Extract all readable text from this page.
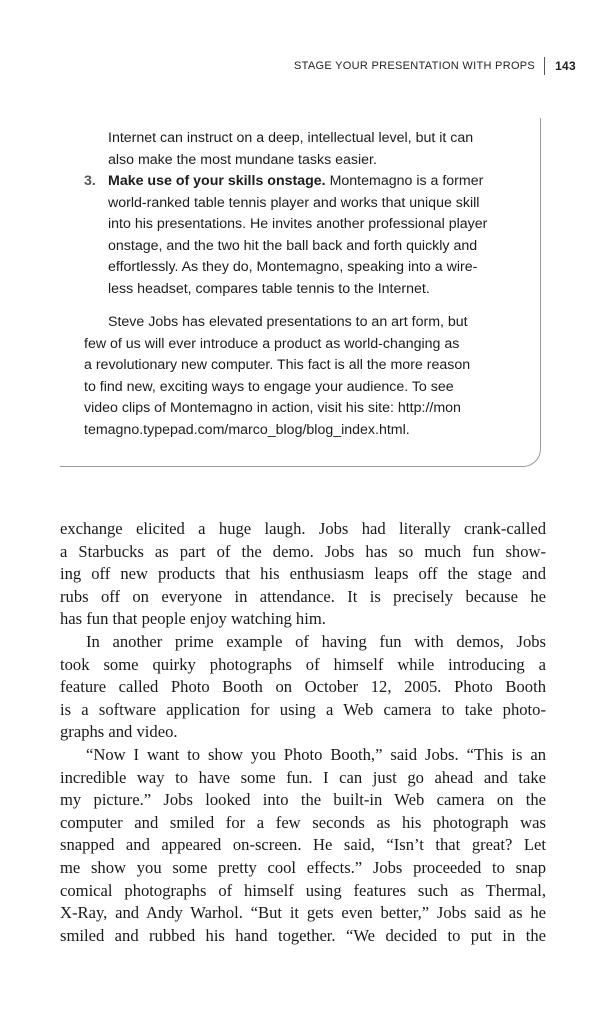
STAGE YOUR PRESENTATION WITH PROPS 143
Internet can instruct on a deep, intellectual level, but it can
also make the most mundane tasks easier.
3. Make use of your skills onstage. Montemagno is a former
world-ranked table tennis player and works that unique skill
into his presentations. He invites another professional player
onstage, and the two hit the ball back and forth quickly and
effortlessly. As they do, Montemagno, speaking into a wire-
less headset, compares table tennis to the Internet.
Steve Jobs has elevated presentations to an art form, but
few of us will ever introduce a product as world-changing as
a revolutionary new computer. This fact is all the more reason
to find new, exciting ways to engage your audience. To see
video clips of Montemagno in action, visit his site: http://mon
temagno.typepad.com/marco_blog/blog_index.html.
exchange elicited a huge laugh. Jobs had literally crank-called
a Starbucks as part of the demo. Jobs has so much fun show-
ing off new products that his enthusiasm leaps off the stage and
rubs off on everyone in attendance. It is precisely because he
has fun that people enjoy watching him.
In another prime example of having fun with demos, Jobs
took some quirky photographs of himself while introducing a
feature called Photo Booth on October 12, 2005. Photo Booth
is a software application for using a Web camera to take photo-
graphs and video.
“Now I want to show you Photo Booth,” said Jobs. “This is an
incredible way to have some fun. I can just go ahead and take
my picture.” Jobs looked into the built-in Web camera on the
computer and smiled for a few seconds as his photograph was
snapped and appeared on-screen. He said, “Isn’t that great? Let
me show you some pretty cool effects.” Jobs proceeded to snap
comical photographs of himself using features such as Thermal,
X-Ray, and Andy Warhol. “But it gets even better,” Jobs said as he
smiled and rubbed his hand together. “We decided to put in the
